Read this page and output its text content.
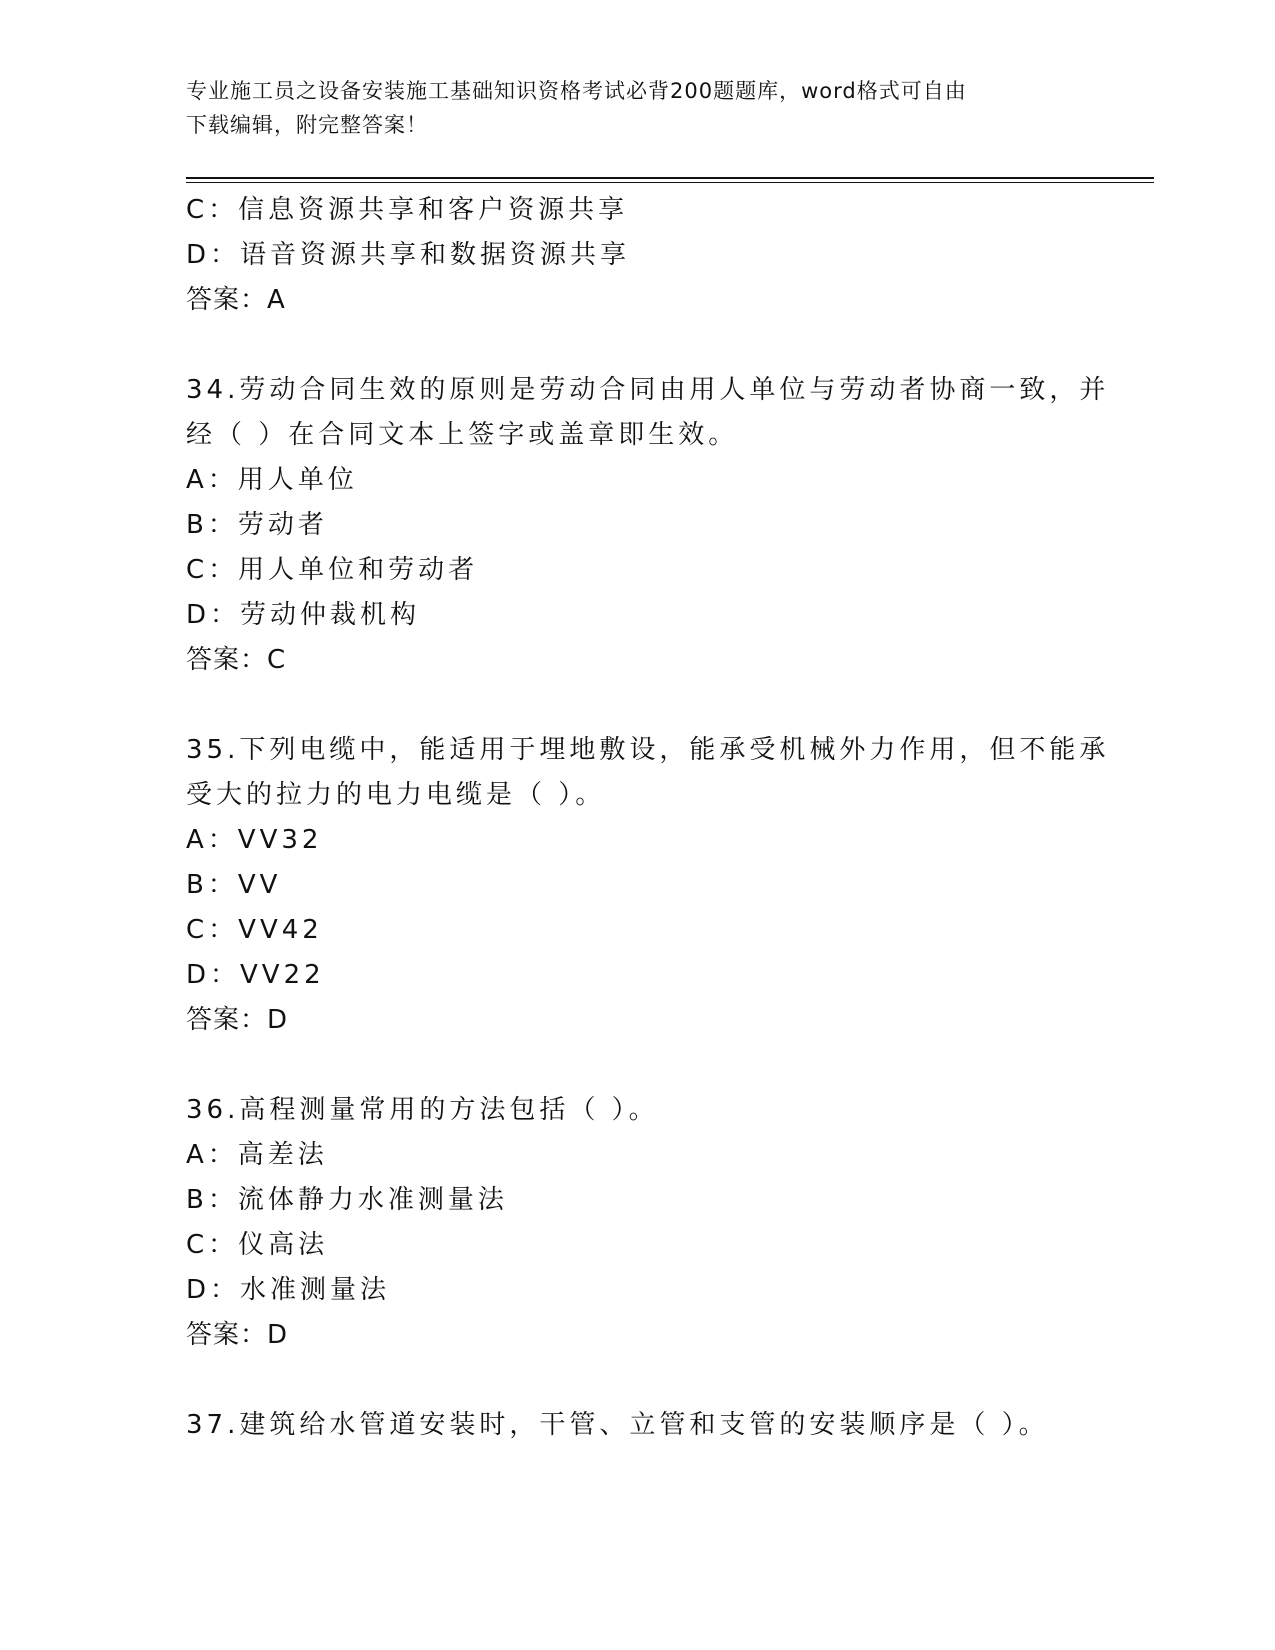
专业施工员之设备安装施工基础知识资格考试必背200题题库，word格式可自由
下载编辑，附完整答案！
C：信息资源共享和客户资源共享
D：语音资源共享和数据资源共享
答案：A
34.劳动合同生效的原则是劳动合同由用人单位与劳动者协商一致，并
经（ ）在合同文本上签字或盖章即生效。
A：用人单位
B：劳动者
C：用人单位和劳动者
D：劳动仲裁机构
答案：C
35.下列电缆中，能适用于埋地敷设，能承受机械外力作用，但不能承
受大的拉力的电力电缆是（ ）。
A：VV32
B：VV
C：VV42
D：VV22
答案：D
36.高程测量常用的方法包括（ ）。
A：高差法
B：流体静力水准测量法
C：仪高法
D：水准测量法
答案：D
37.建筑给水管道安装时，干管、立管和支管的安装顺序是（ ）。
